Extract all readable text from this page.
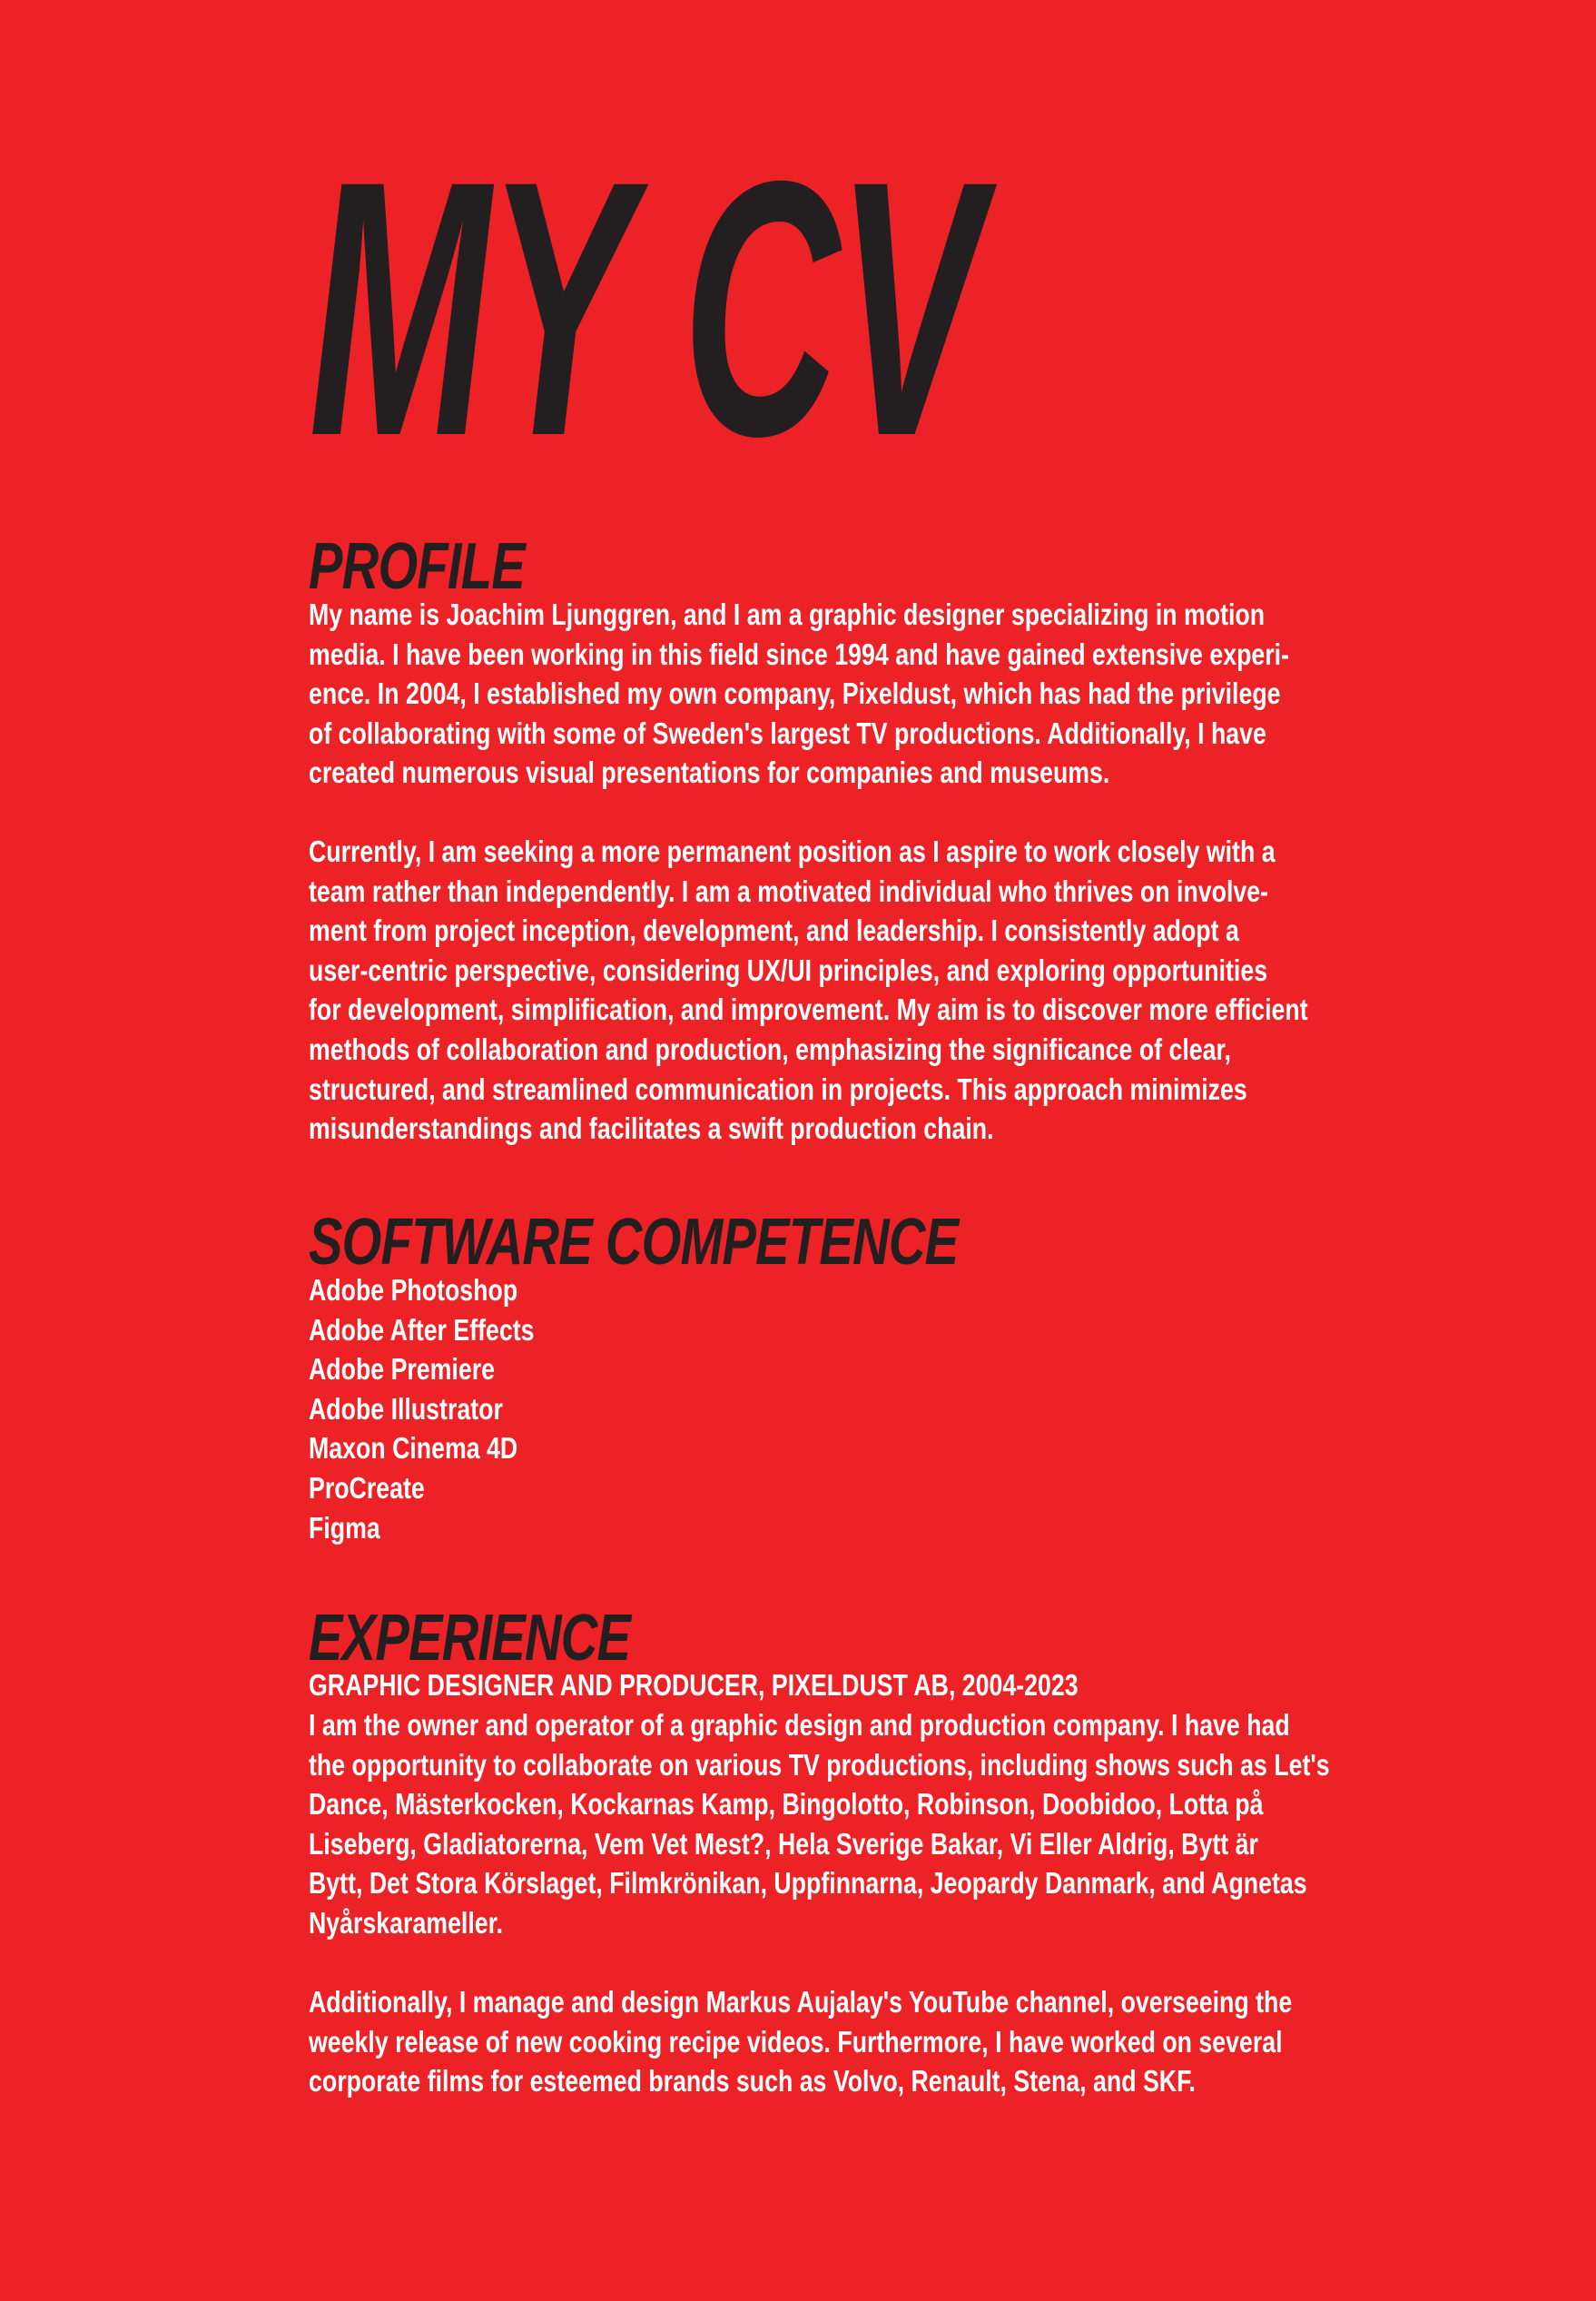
MY CV
PROFILE

My name is Joachim Ljunggren, and I am a graphic designer specializing in motion
media. I have been working in this field since 1994 and have gained extensive experi-
ence. In 2004, I established my own company, Pixeldust, which has had the privilege
of collaborating with some of Sweden's largest TV productions. Additionally, I have
created numerous visual presentations for companies and museums.

Currently, I am seeking a more permanent position as I aspire to work closely with a
team rather than independently. I am a motivated individual who thrives on involve-
ment from project inception, development, and leadership. I consistently adopt a
user-centric perspective, considering UX/UI principles, and exploring opportunities
for development, simplification, and improvement. My aim is to discover more efficient
methods of collaboration and production, emphasizing the significance of clear,
structured, and streamlined communication in projects. This approach minimizes
misunderstandings and facilitates a swift production chain.

SOFTWARE COMPETENCE
Adobe Photoshop
Adobe After Effects
Adobe Premiere
Adobe Illustrator
Maxon Cinema 4D
ProCreate
Figma
EXPERIENCE

GRAPHIC DESIGNER AND PRODUCER, PIXELDUST AB, 2004-2023

I am the owner and operator of a graphic design and production company. I have had
the opportunity to collaborate on various TV productions, including shows such as Let's
Dance, Mästerkocken, Kockarnas Kamp, Bingolotto, Robinson, Doobidoo, Lotta på
Liseberg, Gladiatorerna, Vem Vet Mest?, Hela Sverige Bakar, Vi Eller Aldrig, Bytt är
Bytt, Det Stora Körslaget, Filmkrönikan, Uppfinnarna, Jeopardy Danmark, and Agnetas
Nyårskarameller.

Additionally, I manage and design Markus Aujalay's YouTube channel, overseeing the
weekly release of new cooking recipe videos. Furthermore, I have worked on several
corporate films for esteemed brands such as Volvo, Renault, Stena, and SKF.
